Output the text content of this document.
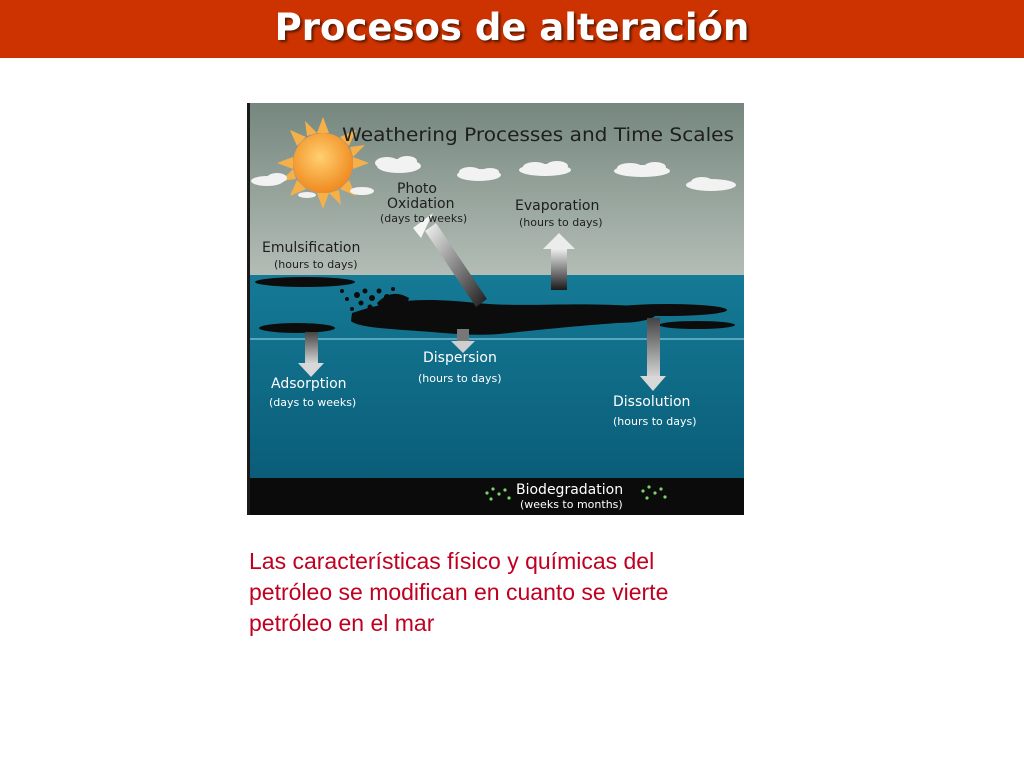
Procesos de alteración
Weathering Processes and Time Scales
Photo
Oxidation
(days to weeks)
Evaporation
(hours to days)
Emulsification
(hours to days)
Dispersion
(hours to days)
Adsorption
(days to weeks)	Dissolution
(hours to days)
Biodegradation
(weeks to months)
Las características físico y químicas del
petróleo se modifican en cuanto se vierte
petróleo en el mar
